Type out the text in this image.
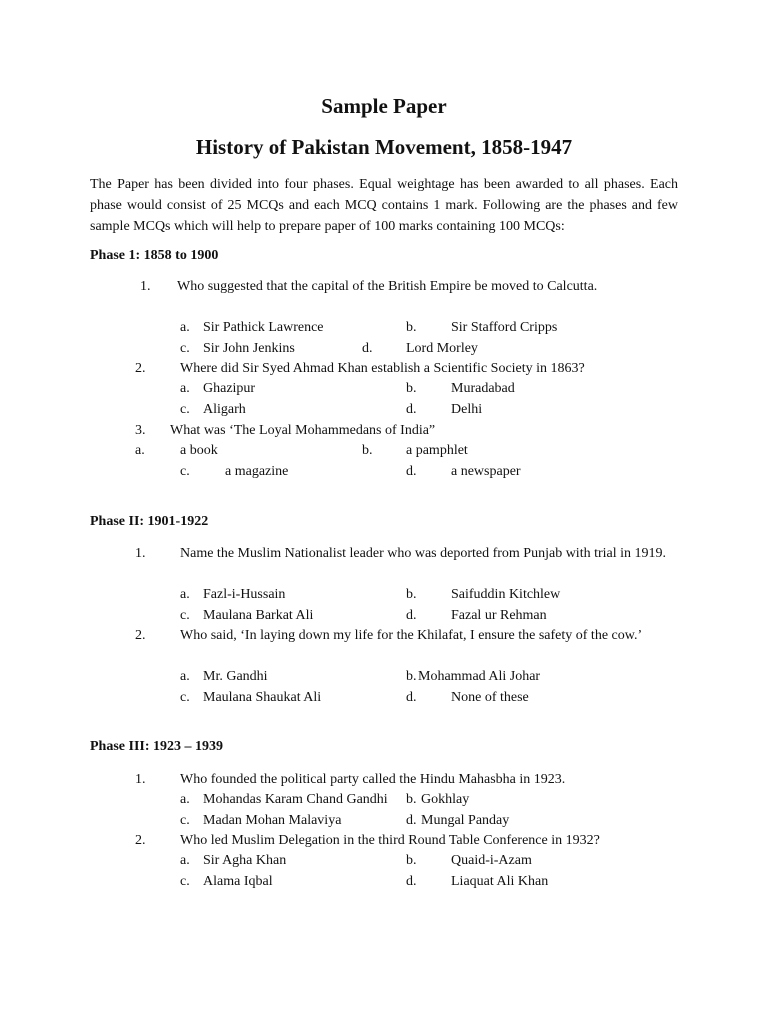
Sample Paper
History of Pakistan Movement, 1858-1947

The Paper has been divided into four phases. Equal weightage has been awarded to all phases. Each phase would consist of 25 MCQs and each MCQ contains 1 mark. Following are the phases and few sample MCQs which will help to prepare paper of 100 marks containing 100 MCQs:

Phase 1: 1858 to 1900

1. Who suggested that the capital of the British Empire be moved to Calcutta.
a. Sir Pathick Lawrence	b. Sir Stafford Cripps
c. Sir John Jenkins	d. Lord Morley
2. Where did Sir Syed Ahmad Khan establish a Scientific Society in 1863?
a. Ghazipur	b. Muradabad
c. Aligarh	d. Delhi
3. What was ‘The Loyal Mohammedans of India”
a.	a book	b. a pamphlet
c.	a magazine	d. a newspaper

Phase II: 1901-1922

1. Name the Muslim Nationalist leader who was deported from Punjab with trial in 1919.

a. Fazl-i-Hussain	b. Saifuddin Kitchlew
c. Maulana Barkat Ali	d. Fazal ur Rehman
2. Who said, ‘In laying down my life for the Khilafat, I ensure the safety of the cow.’

a. Mr. Gandhi	b. Mohammad Ali Johar
c. Maulana Shaukat Ali	d. None of these

Phase III: 1923 – 1939

1. Who founded the political party called the Hindu Mahasbha in 1923.
a. Mohandas Karam Chand Gandhi b. Gokhlay
c. Madan Mohan Malaviya	d. Mungal Panday
2. Who led Muslim Delegation in the third Round Table Conference in 1932?
a. Sir Agha Khan	b. Quaid-i-Azam
c. Alama Iqbal	d. Liaquat Ali Khan
